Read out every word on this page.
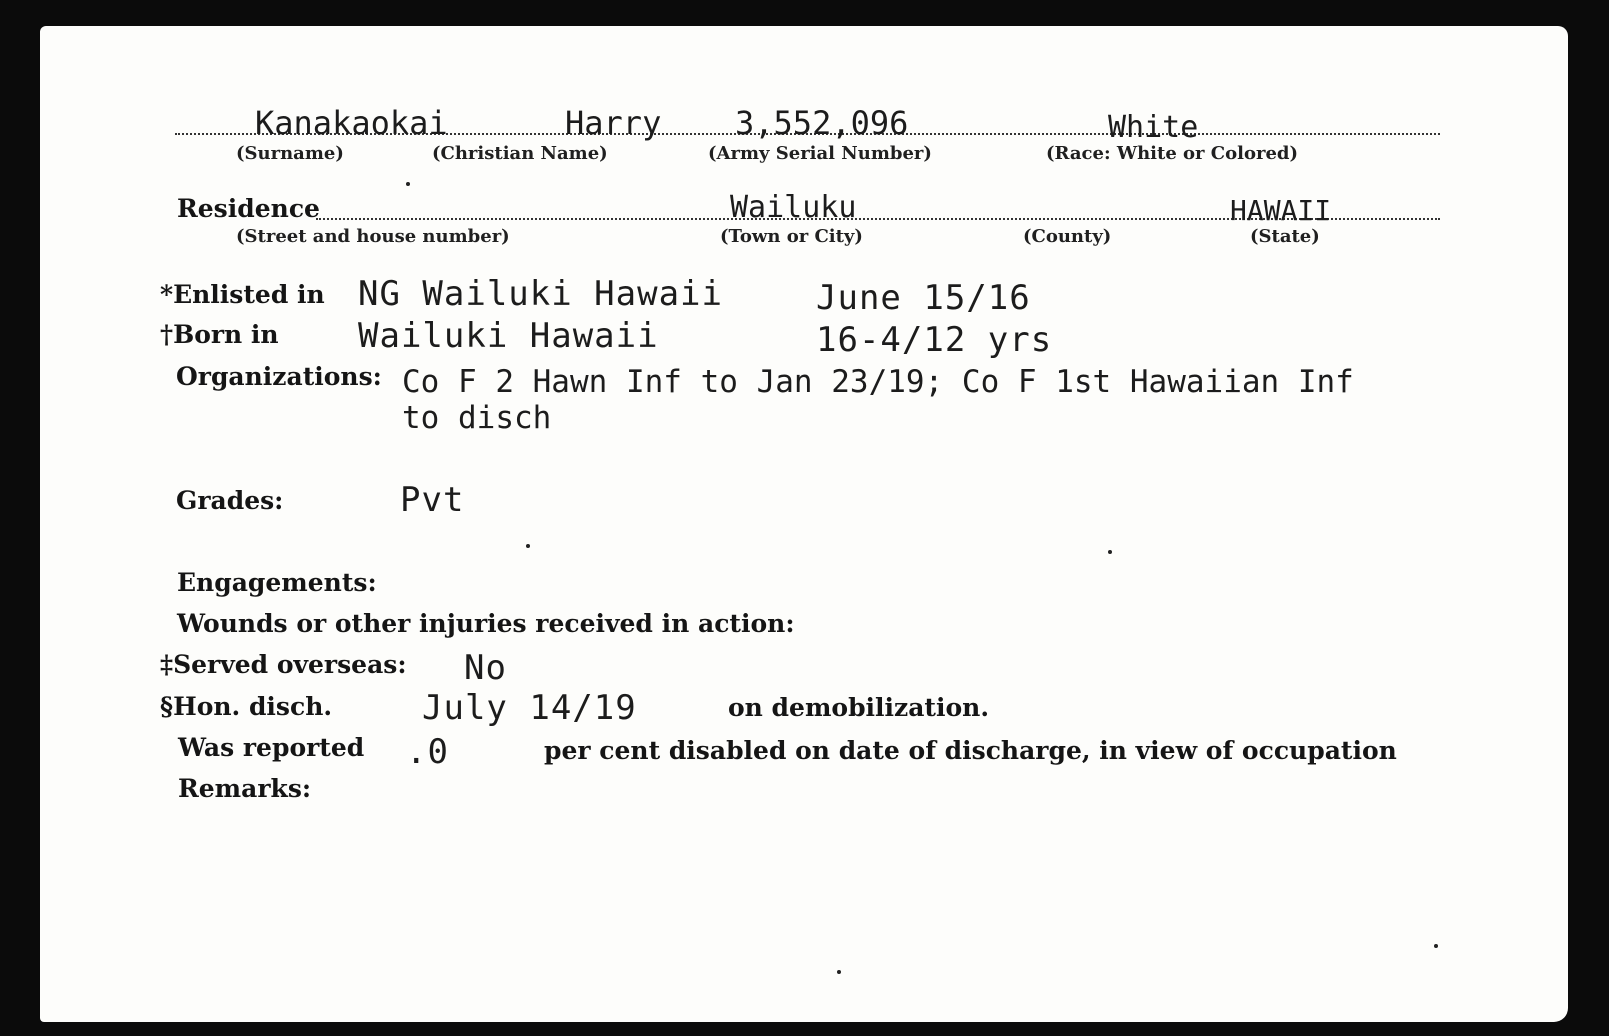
Kanakaokai	Harry 3,552,096	White
(Surname)	(Christian Name)	(Army Serial Number)	(Race: White or Colored)
Residence	Wailuku	HAWAII
(Street and house number)	(Town or City)	(County)	(State)
*Enlisted in NG Wailuki Hawaii	June 15/16
†Born in Wailuki Hawaii	16-4/12 yrs
Organizations: Co F 2 Hawn Inf to Jan 23/19; Co F 1st Hawaiian Inf
to disch
Grades:	Pvt
Engagements:
Wounds or other injuries received in action:
‡Served overseas: No
§Hon. disch.	July 14/19	on demobilization.
Was reported .0	per cent disabled on date of discharge, in view of occupation
Remarks:
